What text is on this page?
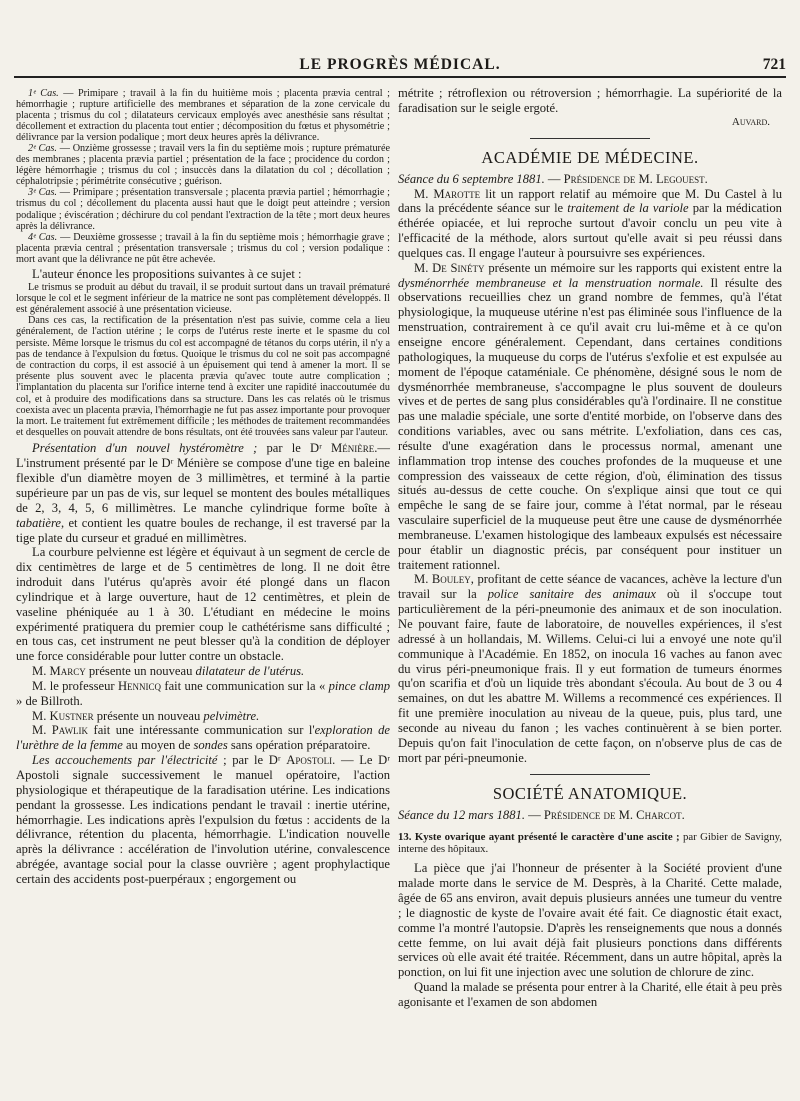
LE PROGRÈS MÉDICAL.	721

1ᵉ Cas. — Primipare ; travail à la fin du huitième mois ; placenta prævia central ; hémorrhagie ; rupture artificielle des membranes et séparation de la zone cervicale du placenta ; trismus du col ; dilatateurs cervicaux employés avec anesthésie sans résultat ; décollement et extraction du placenta tout entier ; décomposition du fœtus et physométrie ; délivrance par la version podalique ; mort deux heures après la délivrance.

2ᵉ Cas. — Onzième grossesse ; travail vers la fin du septième mois ; rupture prématurée des membranes ; placenta prævia partiel ; présentation de la face ; procidence du cordon ; légère hémorrhagie ; trismus du col ; insuccès dans la dilatation du col ; décollation ; céphalotripsie ; périmétrite consécutive ; guérison.

3ᵉ Cas. — Primipare ; présentation transversale ; placenta prævia partiel ; hémorrhagie ; trismus du col ; décollement du placenta aussi haut que le doigt peut atteindre ; version podalique ; éviscération ; déchirure du col pendant l'extraction de la tête ; mort deux heures après la délivrance.

4ᵉ Cas. — Deuxième grossesse ; travail à la fin du septième mois ; hémorrhagie grave ; placenta prævia central ; présentation transversale ; trismus du col ; version podalique : mort avant que la délivrance ne pût être achevée.

L'auteur énonce les propositions suivantes à ce sujet :

Le trismus se produit au début du travail, il se produit surtout dans un travail prématuré lorsque le col et le segment inférieur de la matrice ne sont pas complètement développés. Il est généralement associé à une présentation vicieuse.

Dans ces cas, la rectification de la présentation n'est pas suivie, comme cela a lieu généralement, de l'action utérine ; le corps de l'utérus reste inerte et le spasme du col persiste. Même lorsque le trismus du col est accompagné de tétanos du corps utérin, il n'y a pas de tendance à l'expulsion du fœtus. Quoique le trismus du col ne soit pas accompagné de contraction du corps, il est associé à un épuisement qui tend à amener la mort. Il se présente plus souvent avec le placenta prævia qu'avec toute autre complication ; l'implantation du placenta sur l'orifice interne tend à exciter une rapidité inaccoutumée du col, et à produire des modifications dans sa structure. Dans les cas relatés où le trismus coexista avec un placenta prævia, l'hémorrhagie ne fut pas assez importante pour provoquer la mort. Le traitement fut extrêmement difficile ; les méthodes de traitement recommandées et desquelles on pouvait attendre de bons résultats, ont été trouvées sans valeur par l'auteur.

Présentation d'un nouvel hystéromètre ; par le Dʳ Ménière.—L'instrument présenté par le Dʳ Ménière se compose d'une tige en baleine flexible d'un diamètre moyen de 3 millimètres, et terminé à la partie supérieure par un pas de vis, sur lequel se montent des boules métalliques de 2, 3, 4, 5, 6 millimètres. Le manche cylindrique forme boîte à tabatière, et contient les quatre boules de rechange, il est traversé par la tige plate du curseur et gradué en millimètres.

La courbure pelvienne est légère et équivaut à un segment de cercle de dix centimètres de large et de 5 centimètres de long. Il ne doit être indroduit dans l'utérus qu'après avoir été plongé dans un flacon cylindrique et à large ouverture, haut de 12 centimètres, et plein de vaseline phéniquée au 1 à 30. L'étudiant en médecine le moins expérimenté pratiquera du premier coup le cathétérisme sans difficulté ; en tous cas, cet instrument ne peut blesser qu'à la condition de déployer une force considérable pour lutter contre un obstacle.

M. Marcy présente un nouveau dilatateur de l'utérus.

M. le professeur Hennicq fait une communication sur la « pince clamp » de Billroth.

M. Kustner présente un nouveau pelvimètre.

M. Pawlik fait une intéressante communication sur l'exploration de l'urèthre de la femme au moyen de sondes sans opération préparatoire.

Les accouchements par l'électricité ; par le Dʳ Apostoli. — Le Dʳ Apostoli signale successivement le manuel opératoire, l'action physiologique et thérapeutique de la faradisation utérine. Les indications pendant la grossesse. Les indications pendant le travail : inertie utérine, hémorrhagie. Les indications après l'expulsion du fœtus : accidents de la délivrance, rétention du placenta, hémorrhagie. L'indication nouvelle après la délivrance : accélération de l'involution utérine, convalescence abrégée, avantage social pour la classe ouvrière ; agent prophylactique certain des accidents post-puerpéraux ; engorgement ou

métrite ; rétroflexion ou rétroversion ; hémorrhagie. La supériorité de la faradisation sur le seigle ergoté.

Auvard.

ACADÉMIE DE MÉDECINE.

Séance du 6 septembre 1881. — Présidence de M. Legouest.

M. Marotte lit un rapport relatif au mémoire que M. Du Castel à lu dans la précédente séance sur le traitement de la variole par la médication éthérée opiacée, et lui reproche surtout d'avoir conclu un peu vite à l'efficacité de la méthode, alors surtout qu'elle avait si peu réussi dans quelques cas. Il engage l'auteur à poursuivre ses expériences.

M. De Sinéty présente un mémoire sur les rapports qui existent entre la dysménorrhée membraneuse et la menstruation normale. Il résulte des observations recueillies chez un grand nombre de femmes, qu'à l'état physiologique, la muqueuse utérine n'est pas éliminée sous l'influence de la menstruation, contrairement à ce qu'il avait cru lui-même et à ce qu'on enseigne encore généralement. Cependant, dans certaines conditions pathologiques, la muqueuse du corps de l'utérus s'exfolie et est expulsée au moment de l'époque cataméniale. Ce phénomène, désigné sous le nom de dysménorrhée membraneuse, s'accompagne le plus souvent de douleurs vives et de pertes de sang plus considérables qu'à l'ordinaire. Il ne constitue pas une maladie spéciale, une sorte d'entité morbide, on l'observe dans des conditions variables, avec ou sans métrite. L'exfoliation, dans ces cas, résulte d'une exagération dans le processus normal, amenant une inflammation trop intense des couches profondes de la muqueuse et une compression des vaisseaux de cette région, d'où, élimination des tissus situés au-dessus de cette couche. On s'explique ainsi que tout ce qui empêche le sang de se faire jour, comme à l'état normal, par le réseau vasculaire superficiel de la muqueuse peut être une cause de dysménorrhée membraneuse. L'examen histologique des lambeaux expulsés est nécessaire pour établir un diagnostic précis, par conséquent pour instituer un traitement rationnel.

M. Bouley, profitant de cette séance de vacances, achève la lecture d'un travail sur la police sanitaire des animaux où il s'occupe tout particulièrement de la péri-pneumonie des animaux et de son inoculation. Ne pouvant faire, faute de laboratoire, de nouvelles expériences, il s'est adressé à un hollandais, M. Willems. Celui-ci lui a envoyé une note qu'il communique à l'Académie. En 1852, on inocula 16 vaches au fanon avec du virus péri-pneumonique frais. Il y eut formation de tumeurs énormes qu'on scarifia et d'où un liquide très abondant s'écoula. Au bout de 3 ou 4 semaines, on dut les abattre M. Willems a recommencé ces expériences. Il fit une première inoculation au niveau de la queue, puis, plus tard, une seconde au niveau du fanon ; les vaches continuèrent à se bien porter. Depuis qu'on fait l'inoculation de cette façon, on n'observe plus de cas de mort par péri-pneumonie.

SOCIÉTÉ ANATOMIQUE.

Séance du 12 mars 1881. — Présidence de M. Charcot.

13. Kyste ovarique ayant présenté le caractère d'une ascite ; par Gibier de Savigny, interne des hôpitaux.

La pièce que j'ai l'honneur de présenter à la Société provient d'une malade morte dans le service de M. Desprès, à la Charité. Cette malade, âgée de 65 ans environ, avait depuis plusieurs années une tumeur du ventre ; le diagnostic de kyste de l'ovaire avait été fait. Ce diagnostic était exact, comme l'a montré l'autopsie. D'après les renseignements que nous a donnés cette femme, on lui avait déjà fait plusieurs ponctions dans différents services où elle avait été traitée. Récemment, dans un autre hôpital, après la ponction, on lui fit une injection avec une solution de chlorure de zinc.

Quand la malade se présenta pour entrer à la Charité, elle était à peu près agonisante et l'examen de son abdomen
